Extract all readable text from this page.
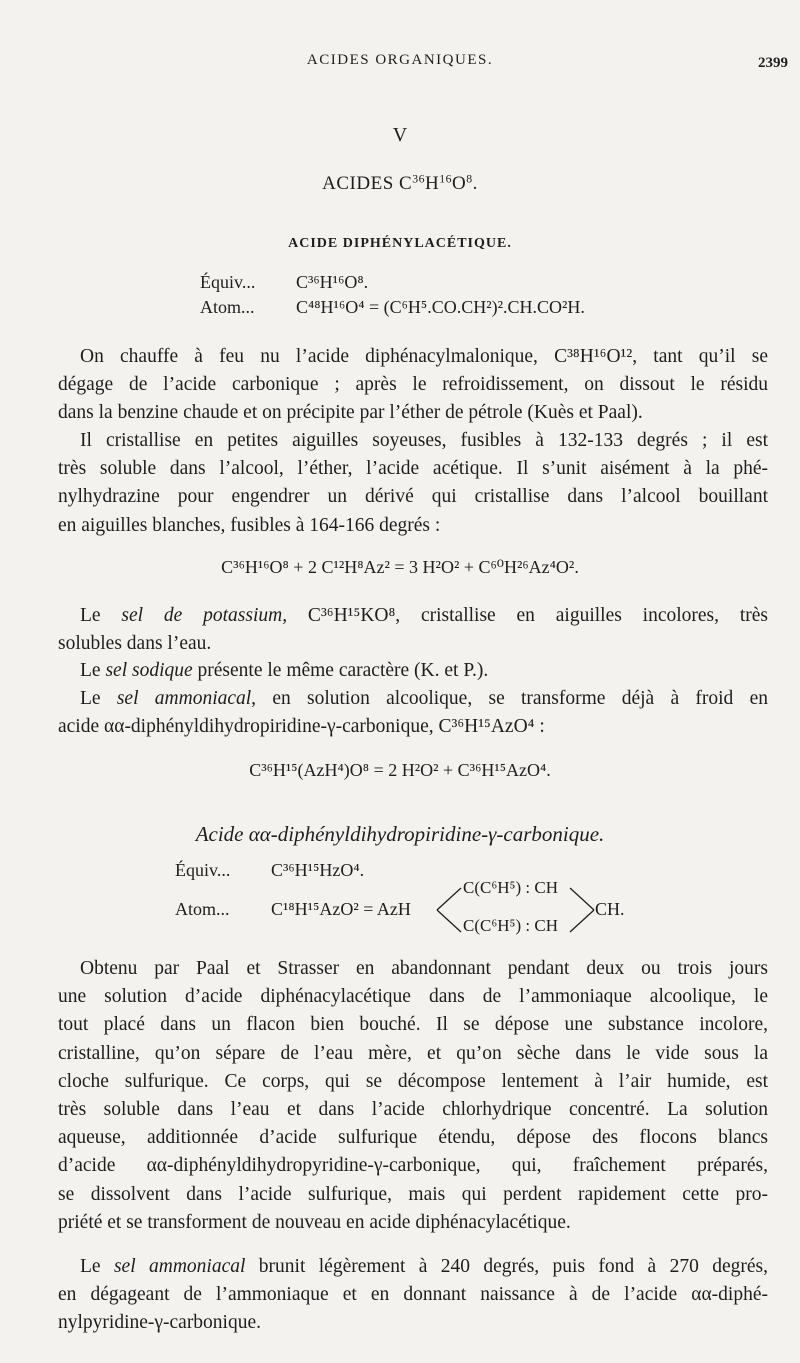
ACIDES ORGANIQUES.	2399
V
ACIDES $C^{36}H^{16}O^8$.
ACIDE DIPHÉNYLACÉTIQUE.
Équiv... C³⁶H¹⁶O⁸.
Atom... C⁴⁸H¹⁶O⁴ = (C⁶H⁵.CO.CH²)².CH.CO²H.
On chauffe à feu nu l’acide diphénacylmalonique, C³⁸H¹⁶O¹², tant qu’il se
dégage de l’acide carbonique ; après le refroidissement, on dissout le résidu
dans la benzine chaude et on précipite par l’éther de pétrole (Kuès et Paal).
Il cristallise en petites aiguilles soyeuses, fusibles à 132-133 degrés ; il est
très soluble dans l’alcool, l’éther, l’acide acétique. Il s’unit aisément à la phé-
nylhydrazine pour engendrer un dérivé qui cristallise dans l’alcool bouillant
en aiguilles blanches, fusibles à 164-166 degrés :
C³⁶H¹⁶O⁸ + 2 C¹²H⁸Az² = 3 H²O² + C⁶⁰H²⁶Az⁴O².
Le sel de potassium, C³⁶H¹⁵KO⁸, cristallise en aiguilles incolores, très
solubles dans l’eau.
Le sel sodique présente le même caractère (K. et P.).
Le sel ammoniacal, en solution alcoolique, se transforme déjà à froid en
acide αα-diphényldihydropiridine-γ-carbonique, C³⁶H¹⁵AzO⁴ :
C³⁶H¹⁵(AzH⁴)O⁸ = 2 H²O² + C³⁶H¹⁵AzO⁴.
Acide αα-diphényldihydropiridine-γ-carbonique.
Équiv... C³⁶H¹⁵HzO⁴.
Atom... C¹⁸H¹⁵AzO² = AzH
C(C⁶H⁵) : CH
C(C⁶H⁵) : CH
CH.
Obtenu par Paal et Strasser en abandonnant pendant deux ou trois jours
une solution d’acide diphénacylacétique dans de l’ammoniaque alcoolique, le
tout placé dans un flacon bien bouché. Il se dépose une substance incolore,
cristalline, qu’on sépare de l’eau mère, et qu’on sèche dans le vide sous la
cloche sulfurique. Ce corps, qui se décompose lentement à l’air humide, est
très soluble dans l’eau et dans l’acide chlorhydrique concentré. La solution
aqueuse, additionnée d’acide sulfurique étendu, dépose des flocons blancs
d’acide αα-diphényldihydropyridine-γ-carbonique, qui, fraîchement préparés,
se dissolvent dans l’acide sulfurique, mais qui perdent rapidement cette pro-
priété et se transforment de nouveau en acide diphénacylacétique.
Le sel ammoniacal brunit légèrement à 240 degrés, puis fond à 270 degrés,
en dégageant de l’ammoniaque et en donnant naissance à de l’acide αα-diphé-
nylpyridine-γ-carbonique.
